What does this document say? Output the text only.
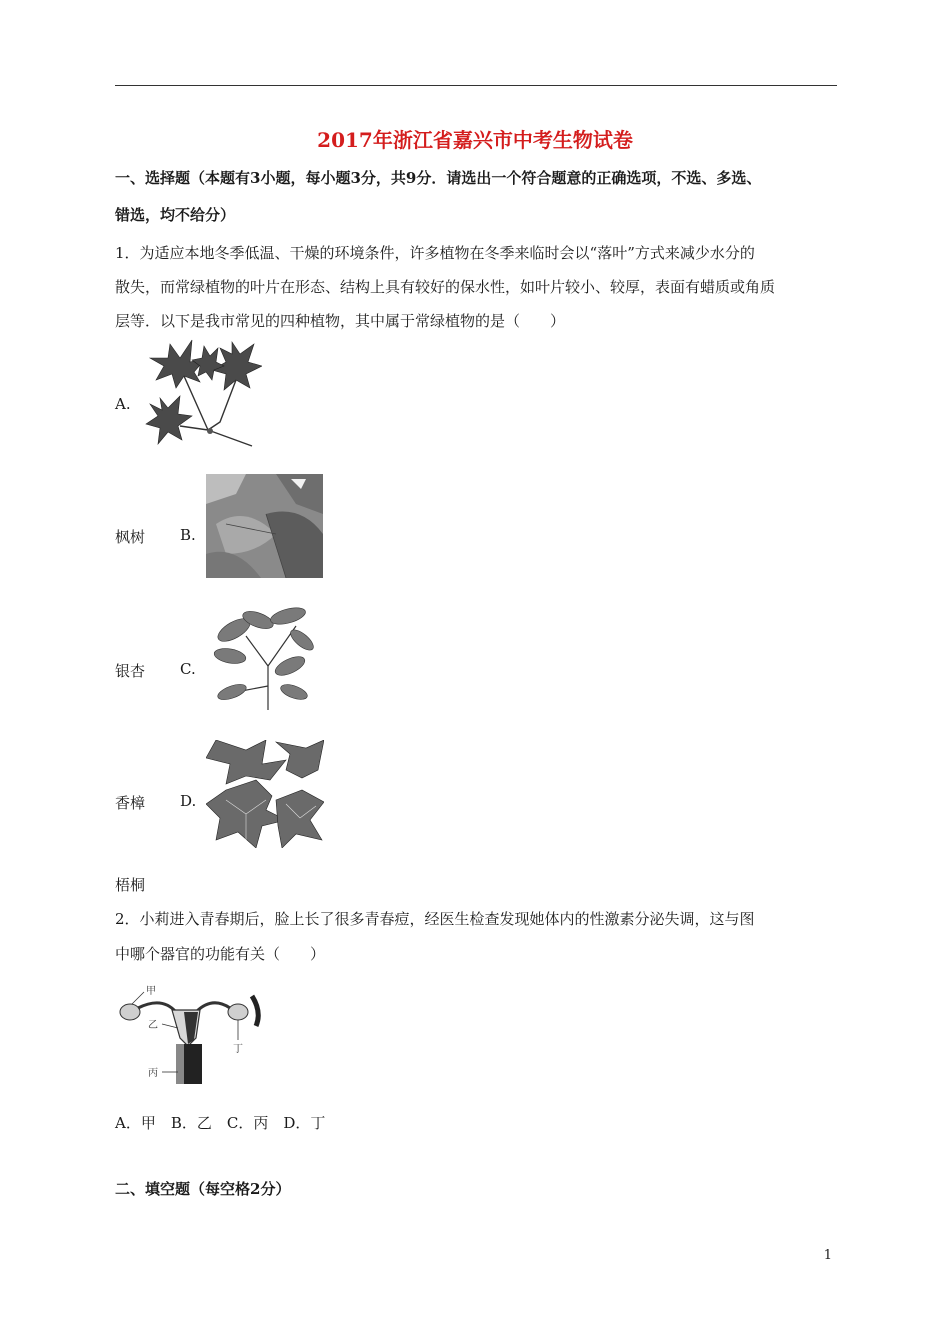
2017年浙江省嘉兴市中考生物试卷
一、选择题（本题有3小题，每小题3分，共9分．请选出一个符合题意的正确选项，不选、多选、
错选，均不给分）
1．为适应本地冬季低温、干燥的环境条件，许多植物在冬季来临时会以“落叶”方式来减少水分的
散失，而常绿植物的叶片在形态、结构上具有较好的保水性，如叶片较小、较厚，表面有蜡质或角质
层等．以下是我市常见的四种植物，其中属于常绿植物的是（　　）
A.
枫树 B.
银杏 C.
香樟 D.
梧桐
2．小莉进入青春期后，脸上长了很多青春痘，经医生检查发现她体内的性激素分泌失调，这与图
中哪个器官的功能有关（　　）
甲
乙
丙
丁
A．甲　B．乙　C．丙　D．丁
二、填空题（每空格2分）
1
